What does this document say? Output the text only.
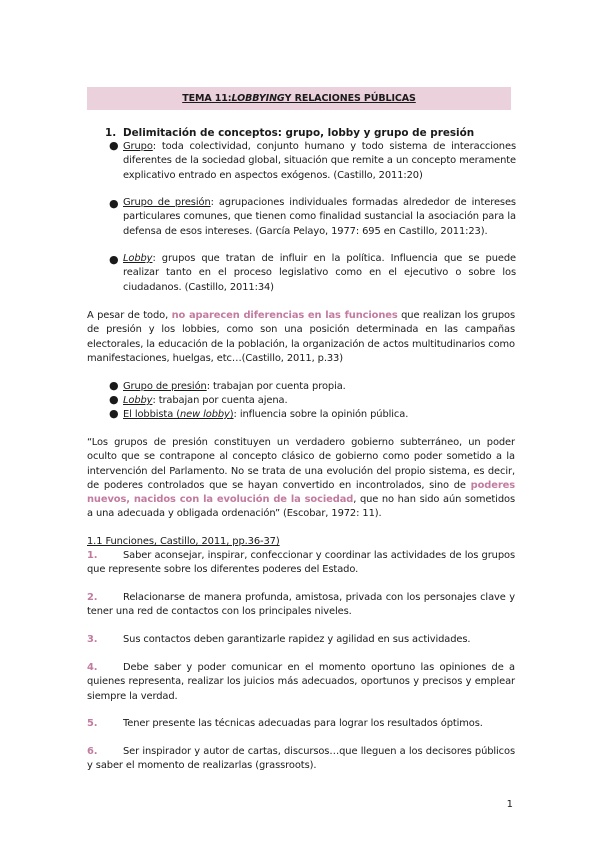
TEMA 11: LOBBYING Y RELACIONES PÚBLICAS
1. Delimitación de conceptos: grupo, lobby y grupo de presión
● Grupo: toda colectividad, conjunto humano y todo sistema de interacciones diferentes de la sociedad global, situación que remite a un concepto meramente explicativo entrado en aspectos exógenos. (Castillo, 2011:20)
● Grupo de presión: agrupaciones individuales formadas alrededor de intereses particulares comunes, que tienen como finalidad sustancial la asociación para la defensa de esos intereses. (García Pelayo, 1977: 695 en Castillo, 2011:23).
● Lobby: grupos que tratan de influir en la política. Influencia que se puede realizar tanto en el proceso legislativo como en el ejecutivo o sobre los ciudadanos. (Castillo, 2011:34)
A pesar de todo, no aparecen diferencias en las funciones que realizan los grupos de presión y los lobbies, como son una posición determinada en las campañas electorales, la educación de la población, la organización de actos multitudinarios como manifestaciones, huelgas, etc…(Castillo, 2011, p.33)
● Grupo de presión: trabajan por cuenta propia.
● Lobby: trabajan por cuenta ajena.
● El lobbista (new lobby): influencia sobre la opinión pública.
“Los grupos de presión constituyen un verdadero gobierno subterráneo, un poder oculto que se contrapone al concepto clásico de gobierno como poder sometido a la intervención del Parlamento. No se trata de una evolución del propio sistema, es decir, de poderes controlados que se hayan convertido en incontrolados, sino de poderes nuevos, nacidos con la evolución de la sociedad, que no han sido aún sometidos a una adecuada y obligada ordenación” (Escobar, 1972: 11).
1.1 Funciones, Castillo, 2011, pp.36-37)
1.	Saber aconsejar, inspirar, confeccionar y coordinar las actividades de los grupos que represente sobre los diferentes poderes del Estado.
2.	Relacionarse de manera profunda, amistosa, privada con los personajes clave y tener una red de contactos con los principales niveles.
3.	Sus contactos deben garantizarle rapidez y agilidad en sus actividades.
4.	Debe saber y poder comunicar en el momento oportuno las opiniones de a quienes representa, realizar los juicios más adecuados, oportunos y precisos y emplear siempre la verdad.
5.	Tener presente las técnicas adecuadas para lograr los resultados óptimos.
6.	Ser inspirador y autor de cartas, discursos…que lleguen a los decisores públicos y saber el momento de realizarlas (grassroots).
1
